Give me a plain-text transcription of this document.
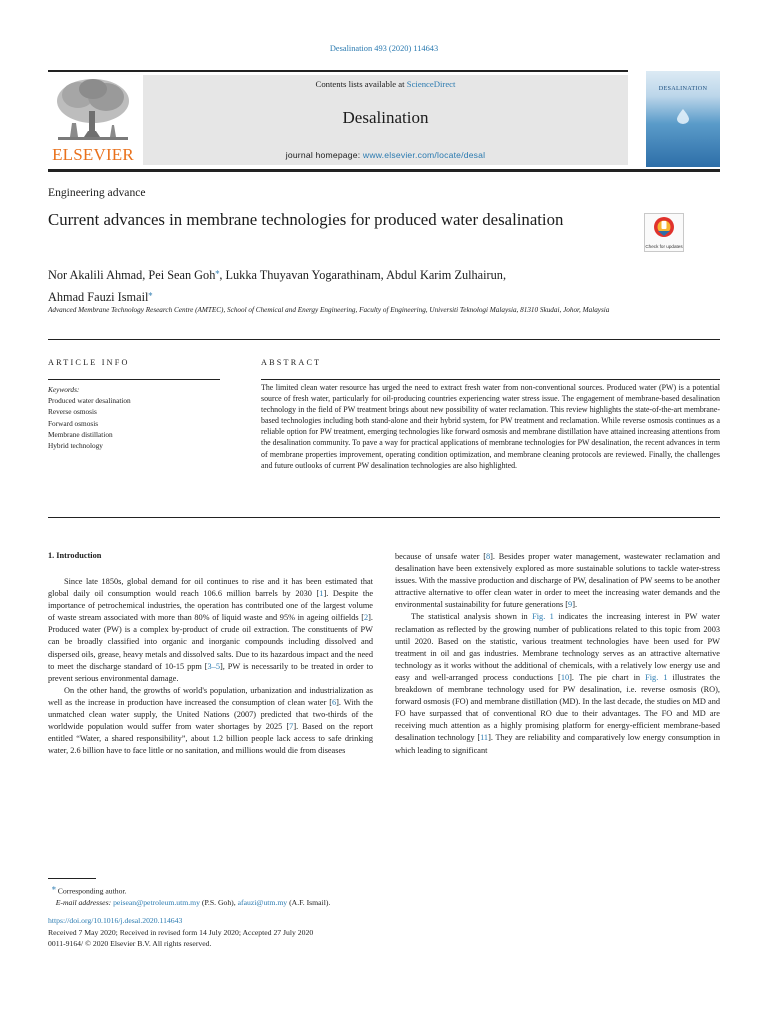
Desalination 493 (2020) 114643
ELSEVIER
Contents lists available at ScienceDirect
Desalination
journal homepage: www.elsevier.com/locate/desal
DESALINATION
Engineering advance
Current advances in membrane technologies for produced water desalination
Check for updates
Nor Akalili Ahmad, Pei Sean Goh⁎, Lukka Thuyavan Yogarathinam, Abdul Karim Zulhairun,
Ahmad Fauzi Ismail⁎
Advanced Membrane Technology Research Centre (AMTEC), School of Chemical and Energy Engineering, Faculty of Engineering, Universiti Teknologi Malaysia, 81310 Skudai, Johor, Malaysia
ARTICLE INFO	ABSTRACT
Keywords:
Produced water desalination
Reverse osmosis
Forward osmosis
Membrane distillation
Hybrid technology
The limited clean water resource has urged the need to extract fresh water from non-conventional sources. Produced water (PW) is a potential source of fresh water, particularly for oil-producing countries experiencing water stress issue. The engagement of membrane-based desalination technology in the field of PW treatment brings about new possibility of water reclamation. This review highlights the state-of-the-art membrane-based technologies including both stand-alone and their hybrid system, for PW treatment and reclamation. While reverse osmosis continues as a reliable option for PW treatment, emerging technologies like forward osmosis and membrane distillation have attained increasing attentions from the desalination community. To pave a way for practical applications of membrane technologies for PW desalination, the recent advances in term of membrane properties improvement, operating condition optimization, and membrane cleaning protocols are reviewed. Finally, the challenges and future outlooks of current PW desalination technologies are also highlighted.
1. Introduction

Since late 1850s, global demand for oil continues to rise and it has been estimated that global daily oil consumption would reach 106.6 million barrels by 2030 [1]. Despite the importance of petrochemical industries, the operation has contributed one of the largest volume of waste stream associated with more than 80% of liquid waste and 95% in ageing oilfields [2]. Produced water (PW) is a complex by-product of crude oil extraction. The constituents of PW can be broadly classified into organic and inorganic compounds including dissolved and dispersed oils, grease, heavy metals and dissolved salts. Due to its hazardous impact and the need to meet the discharge standard of 10-15 ppm [3–5], PW is necessarily to be treated in order to prevent serious environmental damage.

On the other hand, the growths of world's population, urbanization and industrialization as well as the increase in production have increased the consumption of clean water [6]. With the unmatched clean water supply, the United Nations (2007) predicted that two-thirds of the worldwide population would suffer from water shortages by 2025 [7]. Based on the report entitled “Water, a shared responsibility”, about 1.2 billion people lack access to safe drinking water, 2.6 billion have to face little or no sanitation, and millions would die from diseases

because of unsafe water [8]. Besides proper water management, wastewater reclamation and desalination have been extensively explored as more sustainable solutions to tackle water-stress issues. With the massive production and discharge of PW, desalination of PW seems to be another attractive alternative to offer clean water in order to meet the increasing water demands and the environmental sustainability for future generations [9].

The statistical analysis shown in Fig. 1 indicates the increasing interest in PW water reclamation as reflected by the growing number of publications related to this topic from 2003 until 2020. Based on the statistic, various treatment technologies have been used for PW treatment in oil and gas industries. Membrane technology serves as an attractive alternative technology as it works without the additional of chemicals, with a relatively low energy use and easy and well-arranged process conductions [10]. The pie chart in Fig. 1 illustrates the breakdown of membrane technology used for PW desalination, i.e. reverse osmosis (RO), forward osmosis (FO) and membrane distillation (MD). In the last decade, the studies on MD and FO have surpassed that of conventional RO due to their advantages. The FO and MD are receiving much attention as a highly promising platform for energy-efficient membrane-based desalination technology [11]. They are reliability and comparatively low energy consumption in which leading to significant

⁎ Corresponding author.
E-mail addresses: peisean@petroleum.utm.my (P.S. Goh), afauzi@utm.my (A.F. Ismail).
https://doi.org/10.1016/j.desal.2020.114643
Received 7 May 2020; Received in revised form 14 July 2020; Accepted 27 July 2020
0011-9164/ © 2020 Elsevier B.V. All rights reserved.
